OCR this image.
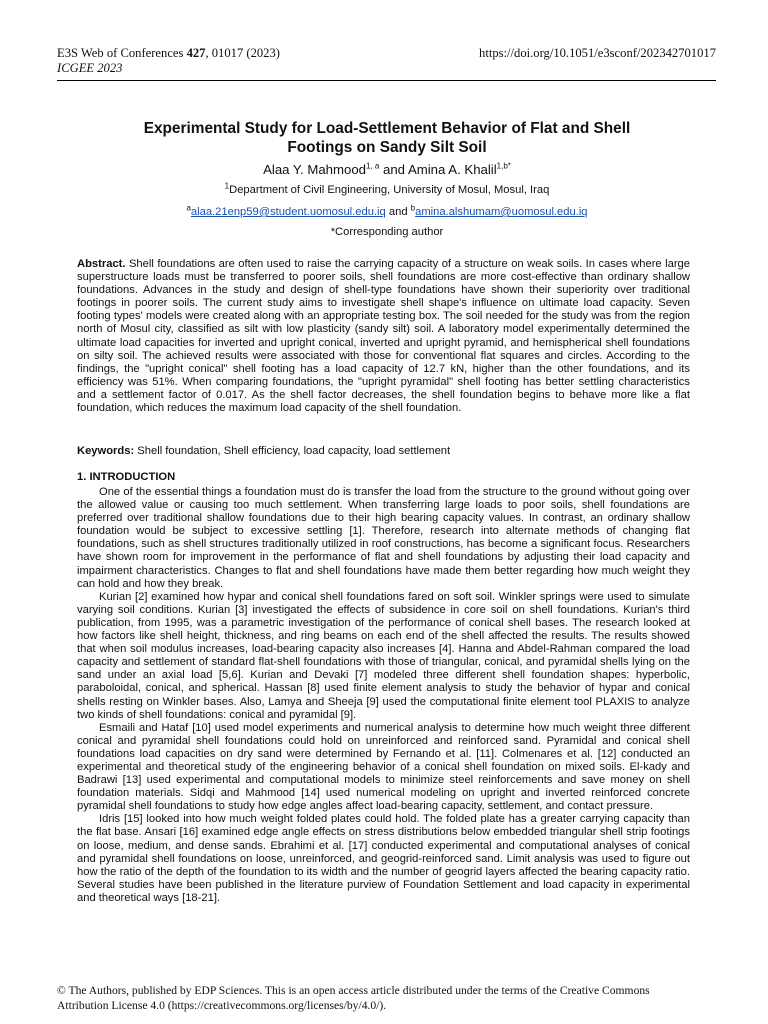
E3S Web of Conferences 427, 01017 (2023)
ICGEE 2023
https://doi.org/10.1051/e3sconf/202342701017
Experimental Study for Load-Settlement Behavior of Flat and Shell
Footings on Sandy Silt Soil
Alaa Y. Mahmood$^{1, a}$ and Amina A. Khalil$^{1,b*}$
$^1$Department of Civil Engineering, University of Mosul, Mosul, Iraq
$^a$alaa.21enp59@student.uomosul.edu.iq and $^b$amina.alshumam@uomosul.edu.iq
*Corresponding author
Abstract. Shell foundations are often used to raise the carrying capacity of a structure on weak soils. In cases where large superstructure loads must be transferred to poorer soils, shell foundations are more cost-effective than ordinary shallow foundations. Advances in the study and design of shell-type foundations have shown their superiority over traditional footings in poorer soils. The current study aims to investigate shell shape's influence on ultimate load capacity. Seven footing types' models were created along with an appropriate testing box. The soil needed for the study was from the region north of Mosul city, classified as silt with low plasticity (sandy silt) soil. A laboratory model experimentally determined the ultimate load capacities for inverted and upright conical, inverted and upright pyramid, and hemispherical shell foundations on silty soil. The achieved results were associated with those for conventional flat squares and circles. According to the findings, the "upright conical" shell footing has a load capacity of 12.7 kN, higher than the other foundations, and its efficiency was 51%. When comparing foundations, the "upright pyramidal" shell footing has better settling characteristics and a settlement factor of 0.017. As the shell factor decreases, the shell foundation begins to behave more like a flat foundation, which reduces the maximum load capacity of the shell foundation.
Keywords: Shell foundation, Shell efficiency, load capacity, load settlement
1. INTRODUCTION

One of the essential things a foundation must do is transfer the load from the structure to the ground without going over the allowed value or causing too much settlement. When transferring large loads to poor soils, shell foundations are preferred over traditional shallow foundations due to their high bearing capacity values. In contrast, an ordinary shallow foundation would be subject to excessive settling [1]. Therefore, research into alternate methods of changing flat foundations, such as shell structures traditionally utilized in roof constructions, has become a significant focus. Researchers have shown room for improvement in the performance of flat and shell foundations by adjusting their load capacity and impairment characteristics. Changes to flat and shell foundations have made them better regarding how much weight they can hold and how they break.

Kurian [2] examined how hypar and conical shell foundations fared on soft soil. Winkler springs were used to simulate varying soil conditions. Kurian [3] investigated the effects of subsidence in core soil on shell foundations. Kurian's third publication, from 1995, was a parametric investigation of the performance of conical shell bases. The research looked at how factors like shell height, thickness, and ring beams on each end of the shell affected the results. The results showed that when soil modulus increases, load-bearing capacity also increases [4]. Hanna and Abdel-Rahman compared the load capacity and settlement of standard flat-shell foundations with those of triangular, conical, and pyramidal shells lying on the sand under an axial load [5,6]. Kurian and Devaki [7] modeled three different shell foundation shapes: hyperbolic, paraboloidal, conical, and spherical. Hassan [8] used finite element analysis to study the behavior of hypar and conical shells resting on Winkler bases. Also, Lamya and Sheeja [9] used the computational finite element tool PLAXIS to analyze two kinds of shell foundations: conical and pyramidal [9].

Esmaili and Hataf [10] used model experiments and numerical analysis to determine how much weight three different conical and pyramidal shell foundations could hold on unreinforced and reinforced sand. Pyramidal and conical shell foundations load capacities on dry sand were determined by Fernando et al. [11]. Colmenares et al. [12] conducted an experimental and theoretical study of the engineering behavior of a conical shell foundation on mixed soils. El-kady and Badrawi [13] used experimental and computational models to minimize steel reinforcements and save money on shell foundation materials. Sidqi and Mahmood [14] used numerical modeling on upright and inverted reinforced concrete pyramidal shell foundations to study how edge angles affect load-bearing capacity, settlement, and contact pressure.

Idris [15] looked into how much weight folded plates could hold. The folded plate has a greater carrying capacity than the flat base. Ansari [16] examined edge angle effects on stress distributions below embedded triangular shell strip footings on loose, medium, and dense sands. Ebrahimi et al. [17] conducted experimental and computational analyses of conical and pyramidal shell foundations on loose, unreinforced, and geogrid-reinforced sand. Limit analysis was used to figure out how the ratio of the depth of the foundation to its width and the number of geogrid layers affected the bearing capacity ratio. Several studies have been published in the literature purview of Foundation Settlement and load capacity in experimental and theoretical ways [18-21].

© The Authors, published by EDP Sciences. This is an open access article distributed under the terms of the Creative Commons
Attribution License 4.0 (https://creativecommons.org/licenses/by/4.0/).
